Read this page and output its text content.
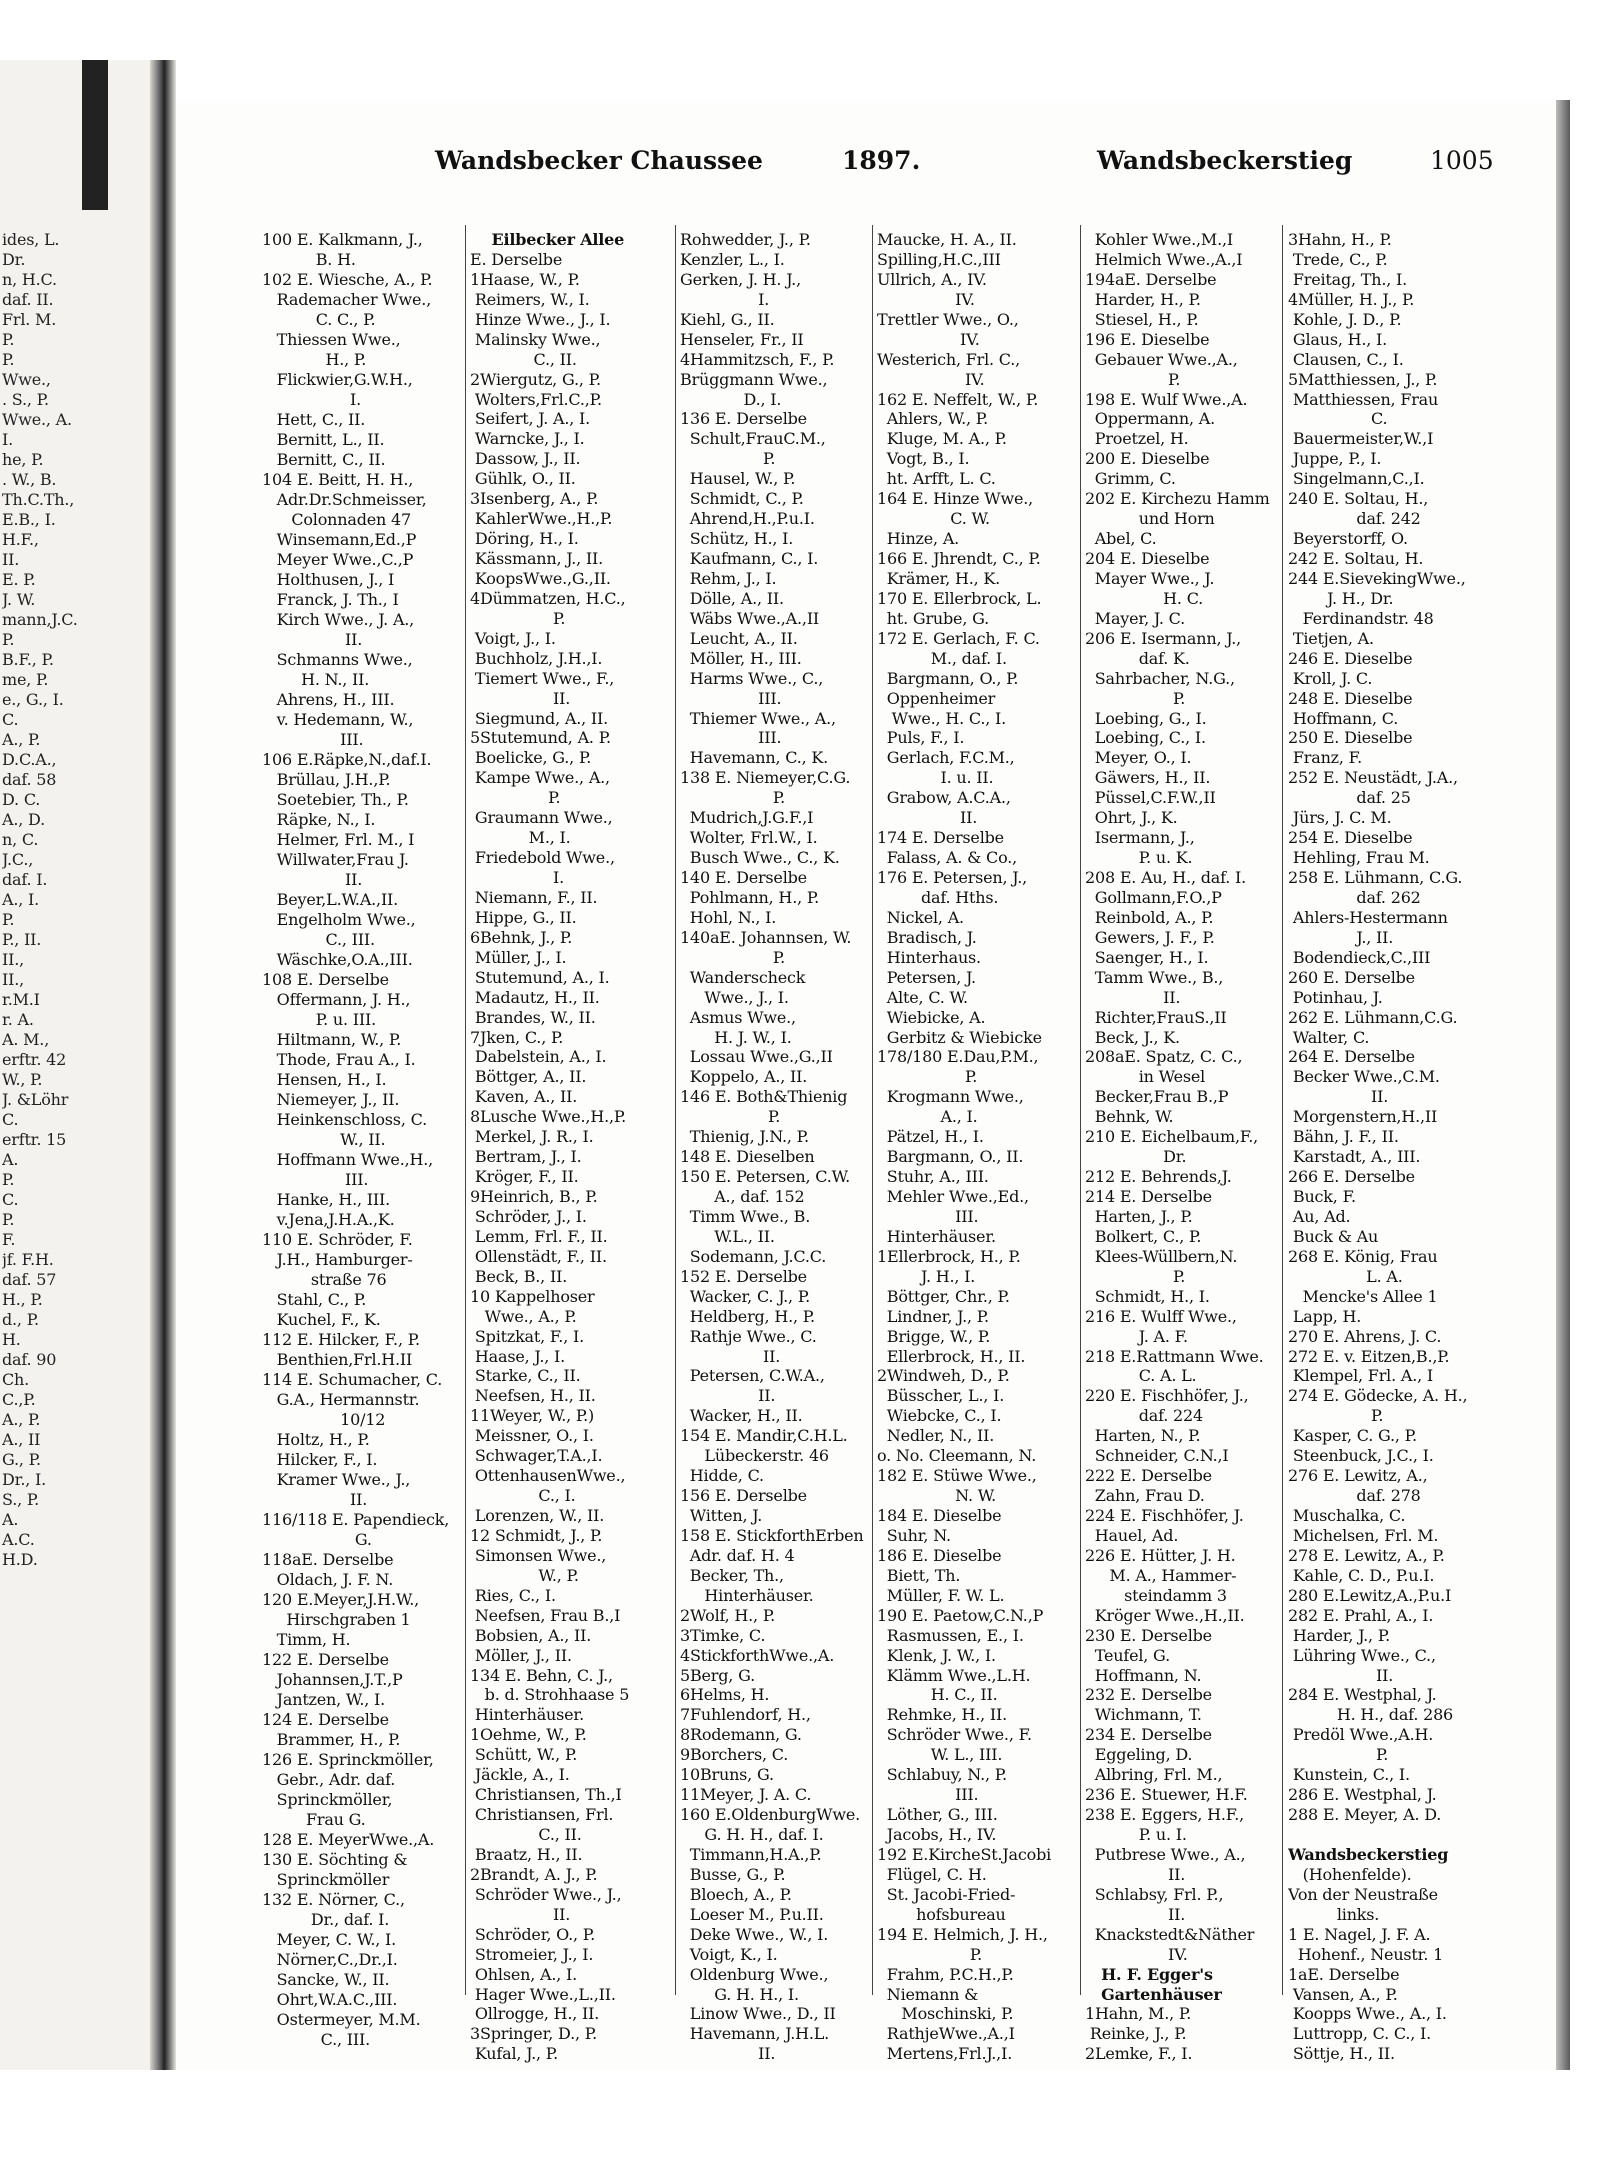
ides, L.
Dr.
n, H.C.
daf. II.
Frl. M.
P.
P.
Wwe.,
. S., P.
Wwe., A.
I.
he, P.
. W., B.
Th.C.Th.,
E.B., I.
H.F.,
II.
E. P.
J. W.
mann,J.C.
P.
B.F., P.
me, P.
e., G., I.
C.
A., P.
D.C.A.,
daf. 58
D. C.
A., D.
n, C.
J.C.,
daf. I.
A., I.
P.
P., II.
II.,
II.,
r.M.I
r. A.
A. M.,
erftr. 42
W., P.
J. &Löhr
C.
erftr. 15
A.
P.
C.
P.
F.
jf. F.H.
daf. 57
H., P.
d., P.
H.
daf. 90
Ch.
C.,P.
A., P.
A., II
G., P.
Dr., I.
S., P.
A.
A.C.
H.D.
Wandsbecker Chaussee	1897.	Wandsbeckerstieg	1005
100 E. Kalkmann, J.,
B. H.
102 E. Wiesche, A., P.
Rademacher Wwe.,
C. C., P.
Thiessen Wwe.,
H., P.
Flickwier,G.W.H.,
I.
Hett, C., II.
Bernitt, L., II.
Bernitt, C., II.
104 E. Beitt, H. H.,
Adr.Dr.Schmeisser,
Colonnaden 47
Winsemann,Ed.,P
Meyer Wwe.,C.,P
Holthusen, J., I
Franck, J. Th., I
Kirch Wwe., J. A.,
II.
Schmanns Wwe.,
H. N., II.
Ahrens, H., III.
v. Hedemann, W.,
III.
106 E.Räpke,N.,daf.I.
Brüllau, J.H.,P.
Soetebier, Th., P.
Räpke, N., I.
Helmer, Frl. M., I
Willwater,Frau J.
II.
Beyer,L.W.A.,II.
Engelholm Wwe.,
C., III.
Wäschke,O.A.,III.
108 E. Derselbe
Offermann, J. H.,
P. u. III.
Hiltmann, W., P.
Thode, Frau A., I.
Hensen, H., I.
Niemeyer, J., II.
Heinkenschloss, C.
W., II.
Hoffmann Wwe.,H.,
III.
Hanke, H., III.
v.Jena,J.H.A.,K.
110 E. Schröder, F.
J.H., Hamburger-
straße 76
Stahl, C., P.
Kuchel, F., K.
112 E. Hilcker, F., P.
Benthien,Frl.H.II
114 E. Schumacher, C.
G.A., Hermannstr.
10/12
Holtz, H., P.
Hilcker, F., I.
Kramer Wwe., J.,
II.
116/118 E. Papendieck,
G.
118aE. Derselbe
Oldach, J. F. N.
120 E.Meyer,J.H.W.,
Hirschgraben 1
Timm, H.
122 E. Derselbe
Johannsen,J.T.,P
Jantzen, W., I.
124 E. Derselbe
Brammer, H., P.
126 E. Sprinckmöller,
Gebr., Adr. daf.
Sprinckmöller,
Frau G.
128 E. MeyerWwe.,A.
130 E. Söchting &
Sprinckmöller
132 E. Nörner, C.,
Dr., daf. I.
Meyer, C. W., I.
Nörner,C.,Dr.,I.
Sancke, W., II.
Ohrt,W.A.C.,III.
Ostermeyer, M.M.
C., III.
Eilbecker Allee
E. Derselbe
1Haase, W., P.
Reimers, W., I.
Hinze Wwe., J., I.
Malinsky Wwe.,
C., II.
2Wiergutz, G., P.
Wolters,Frl.C.,P.
Seifert, J. A., I.
Warncke, J., I.
Dassow, J., II.
Gühlk, O., II.
3Isenberg, A., P.
KahlerWwe.,H.,P.
Döring, H., I.
Kässmann, J., II.
KoopsWwe.,G.,II.
4Dümmatzen, H.C.,
P.
Voigt, J., I.
Buchholz, J.H.,I.
Tiemert Wwe., F.,
II.
Siegmund, A., II.
5Stutemund, A. P.
Boelicke, G., P.
Kampe Wwe., A.,
P.
Graumann Wwe.,
M., I.
Friedebold Wwe.,
I.
Niemann, F., II.
Hippe, G., II.
6Behnk, J., P.
Müller, J., I.
Stutemund, A., I.
Madautz, H., II.
Brandes, W., II.
7Jken, C., P.
Dabelstein, A., I.
Böttger, A., II.
Kaven, A., II.
8Lusche Wwe.,H.,P.
Merkel, J. R., I.
Bertram, J., I.
Kröger, F., II.
9Heinrich, B., P.
Schröder, J., I.
Lemm, Frl. F., II.
Ollenstädt, F., II.
Beck, B., II.
10 Kappelhoser
Wwe., A., P.
Spitzkat, F., I.
Haase, J., I.
Starke, C., II.
Neefsen, H., II.
11Weyer, W., P.)
Meissner, O., I.
Schwager,T.A.,I.
OttenhausenWwe.,
C., I.
Lorenzen, W., II.
12 Schmidt, J., P.
Simonsen Wwe.,
W., P.
Ries, C., I.
Neefsen, Frau B.,I
Bobsien, A., II.
Möller, J., II.
134 E. Behn, C. J.,
b. d. Strohhaase 5
Hinterhäuser.
1Oehme, W., P.
Schütt, W., P.
Jäckle, A., I.
Christiansen, Th.,I
Christiansen, Frl.
C., II.
Braatz, H., II.
2Brandt, A. J., P.
Schröder Wwe., J.,
II.
Schröder, O., P.
Stromeier, J., I.
Ohlsen, A., I.
Hager Wwe.,L.,II.
Ollrogge, H., II.
3Springer, D., P.
Kufal, J., P.
Rohwedder, J., P.
Kenzler, L., I.
Gerken, J. H. J.,
I.
Kiehl, G., II.
Henseler, Fr., II
4Hammitzsch, F., P.
Brüggmann Wwe.,
D., I.
136 E. Derselbe
Schult,FrauC.M.,
P.
Hausel, W., P.
Schmidt, C., P.
Ahrend,H.,P.u.I.
Schütz, H., I.
Kaufmann, C., I.
Rehm, J., I.
Dölle, A., II.
Wäbs Wwe.,A.,II
Leucht, A., II.
Möller, H., III.
Harms Wwe., C.,
III.
Thiemer Wwe., A.,
III.
Havemann, C., K.
138 E. Niemeyer,C.G.
P.
Mudrich,J.G.F.,I
Wolter, Frl.W., I.
Busch Wwe., C., K.
140 E. Derselbe
Pohlmann, H., P.
Hohl, N., I.
140aE. Johannsen, W.
P.
Wanderscheck
Wwe., J., I.
Asmus Wwe.,
H. J. W., I.
Lossau Wwe.,G.,II
Koppelo, A., II.
146 E. Both&Thienig
P.
Thienig, J.N., P.
148 E. Dieselben
150 E. Petersen, C.W.
A., daf. 152
Timm Wwe., B.
W.L., II.
Sodemann, J.C.C.
152 E. Derselbe
Wacker, C. J., P.
Heldberg, H., P.
Rathje Wwe., C.
II.
Petersen, C.W.A.,
II.
Wacker, H., II.
154 E. Mandir,C.H.L.
Lübeckerstr. 46
Hidde, C.
156 E. Derselbe
Witten, J.
158 E. StickforthErben
Adr. daf. H. 4
Becker, Th.,
Hinterhäuser.
2Wolf, H., P.
3Timke, C.
4StickforthWwe.,A.
5Berg, G.
6Helms, H.
7Fuhlendorf, H.,
8Rodemann, G.
9Borchers, C.
10Bruns, G.
11Meyer, J. A. C.
160 E.OldenburgWwe.
G. H. H., daf. I.
Timmann,H.A.,P.
Busse, G., P.
Bloech, A., P.
Loeser M., P.u.II.
Deke Wwe., W., I.
Voigt, K., I.
Oldenburg Wwe.,
G. H. H., I.
Linow Wwe., D., II
Havemann, J.H.L.
II.
Maucke, H. A., II.
Spilling,H.C.,III
Ullrich, A., IV.
IV.
Trettler Wwe., O.,
IV.
Westerich, Frl. C.,
IV.
162 E. Neffelt, W., P.
Ahlers, W., P.
Kluge, M. A., P.
Vogt, B., I.
ht. Arfft, L. C.
164 E. Hinze Wwe.,
C. W.
Hinze, A.
166 E. Jhrendt, C., P.
Krämer, H., K.
170 E. Ellerbrock, L.
ht. Grube, G.
172 E. Gerlach, F. C.
M., daf. I.
Bargmann, O., P.
Oppenheimer
Wwe., H. C., I.
Puls, F., I.
Gerlach, F.C.M.,
I. u. II.
Grabow, A.C.A.,
II.
174 E. Derselbe
Falass, A. & Co.,
176 E. Petersen, J.,
daf. Hths.
Nickel, A.
Bradisch, J.
Hinterhaus.
Petersen, J.
Alte, C. W.
Wiebicke, A.
Gerbitz & Wiebicke
178/180 E.Dau,P.M.,
P.
Krogmann Wwe.,
A., I.
Pätzel, H., I.
Bargmann, O., II.
Stuhr, A., III.
Mehler Wwe.,Ed.,
III.
Hinterhäuser.
1Ellerbrock, H., P.
J. H., I.
Böttger, Chr., P.
Lindner, J., P.
Brigge, W., P.
Ellerbrock, H., II.
2Windweh, D., P.
Büsscher, L., I.
Wiebcke, C., I.
Nedler, N., II.
o. No. Cleemann, N.
182 E. Stüwe Wwe.,
N. W.
184 E. Dieselbe
Suhr, N.
186 E. Dieselbe
Biett, Th.
Müller, F. W. L.
190 E. Paetow,C.N.,P
Rasmussen, E., I.
Klenk, J. W., I.
Klämm Wwe.,L.H.
H. C., II.
Rehmke, H., II.
Schröder Wwe., F.
W. L., III.
Schlabuy, N., P.
III.
Löther, G., III.
Jacobs, H., IV.
192 E.KircheSt.Jacobi
Flügel, C. H.
St. Jacobi-Fried-
hofsbureau
194 E. Helmich, J. H.,
P.
Frahm, P.C.H.,P.
Niemann &
Moschinski, P.
RathjeWwe.,A.,I
Mertens,Frl.J.,I.
Kohler Wwe.,M.,I
Helmich Wwe.,A.,I
194aE. Derselbe
Harder, H., P.
Stiesel, H., P.
196 E. Dieselbe
Gebauer Wwe.,A.,
P.
198 E. Wulf Wwe.,A.
Oppermann, A.
Proetzel, H.
200 E. Dieselbe
Grimm, C.
202 E. Kirchezu Hamm
und Horn
Abel, C.
204 E. Dieselbe
Mayer Wwe., J.
H. C.
Mayer, J. C.
206 E. Isermann, J.,
daf. K.
Sahrbacher, N.G.,
P.
Loebing, G., I.
Loebing, C., I.
Meyer, O., I.
Gäwers, H., II.
Püssel,C.F.W.,II
Ohrt, J., K.
Isermann, J.,
P. u. K.
208 E. Au, H., daf. I.
Gollmann,F.O.,P
Reinbold, A., P.
Gewers, J. F., P.
Saenger, H., I.
Tamm Wwe., B.,
II.
Richter,FrauS.,II
Beck, J., K.
208aE. Spatz, C. C.,
in Wesel
Becker,Frau B.,P
Behnk, W.
210 E. Eichelbaum,F.,
Dr.
212 E. Behrends,J.
214 E. Derselbe
Harten, J., P.
Bolkert, C., P.
Klees-Wüllbern,N.
P.
Schmidt, H., I.
216 E. Wulff Wwe.,
J. A. F.
218 E.Rattmann Wwe.
C. A. L.
220 E. Fischhöfer, J.,
daf. 224
Harten, N., P.
Schneider, C.N.,I
222 E. Derselbe
Zahn, Frau D.
224 E. Fischhöfer, J.
Hauel, Ad.
226 E. Hütter, J. H.
M. A., Hammer-
steindamm 3
Kröger Wwe.,H.,II.
230 E. Derselbe
Teufel, G.
Hoffmann, N.
232 E. Derselbe
Wichmann, T.
234 E. Derselbe
Eggeling, D.
Albring, Frl. M.,
236 E. Stuewer, H.F.
238 E. Eggers, H.F.,
P. u. I.
Putbrese Wwe., A.,
II.
Schlabsy, Frl. P.,
II.
Knackstedt&Näther
IV.
H. F. Egger's
Gartenhäuser
1Hahn, M., P.
Reinke, J., P.
2Lemke, F., I.
3Hahn, H., P.
Trede, C., P.
Freitag, Th., I.
4Müller, H. J., P.
Kohle, J. D., P.
Glaus, H., I.
Clausen, C., I.
5Matthiessen, J., P.
Matthiessen, Frau
C.
Bauermeister,W.,I
Juppe, P., I.
Singelmann,C.,I.
240 E. Soltau, H.,
daf. 242
Beyerstorff, O.
242 E. Soltau, H.
244 E.SievekingWwe.,
J. H., Dr.
Ferdinandstr. 48
Tietjen, A.
246 E. Dieselbe
Kroll, J. C.
248 E. Dieselbe
Hoffmann, C.
250 E. Dieselbe
Franz, F.
252 E. Neustädt, J.A.,
daf. 25
Jürs, J. C. M.
254 E. Dieselbe
Hehling, Frau M.
258 E. Lühmann, C.G.
daf. 262
Ahlers-Hestermann
J., II.
Bodendieck,C.,III
260 E. Derselbe
Potinhau, J.
262 E. Lühmann,C.G.
Walter, C.
264 E. Derselbe
Becker Wwe.,C.M.
II.
Morgenstern,H.,II
Bähn, J. F., II.
Karstadt, A., III.
266 E. Derselbe
Buck, F.
Au, Ad.
Buck & Au
268 E. König, Frau
L. A.
Mencke's Allee 1
Lapp, H.
270 E. Ahrens, J. C.
272 E. v. Eitzen,B.,P.
Klempel, Frl. A., I
274 E. Gödecke, A. H.,
P.
Kasper, C. G., P.
Steenbuck, J.C., I.
276 E. Lewitz, A.,
daf. 278
Muschalka, C.
Michelsen, Frl. M.
278 E. Lewitz, A., P.
Kahle, C. D., P.u.I.
280 E.Lewitz,A.,P.u.I
282 E. Prahl, A., I.
Harder, J., P.
Lühring Wwe., C.,
II.
284 E. Westphal, J.
H. H., daf. 286
Predöl Wwe.,A.H.
P.
Kunstein, C., I.
286 E. Westphal, J.
288 E. Meyer, A. D.
Wandsbeckerstieg
(Hohenfelde).
Von der Neustraße
links.
1 E. Nagel, J. F. A.
Hohenf., Neustr. 1
1aE. Derselbe
Vansen, A., P.
Koopps Wwe., A., I.
Luttropp, C. C., I.
Söttje, H., II.
